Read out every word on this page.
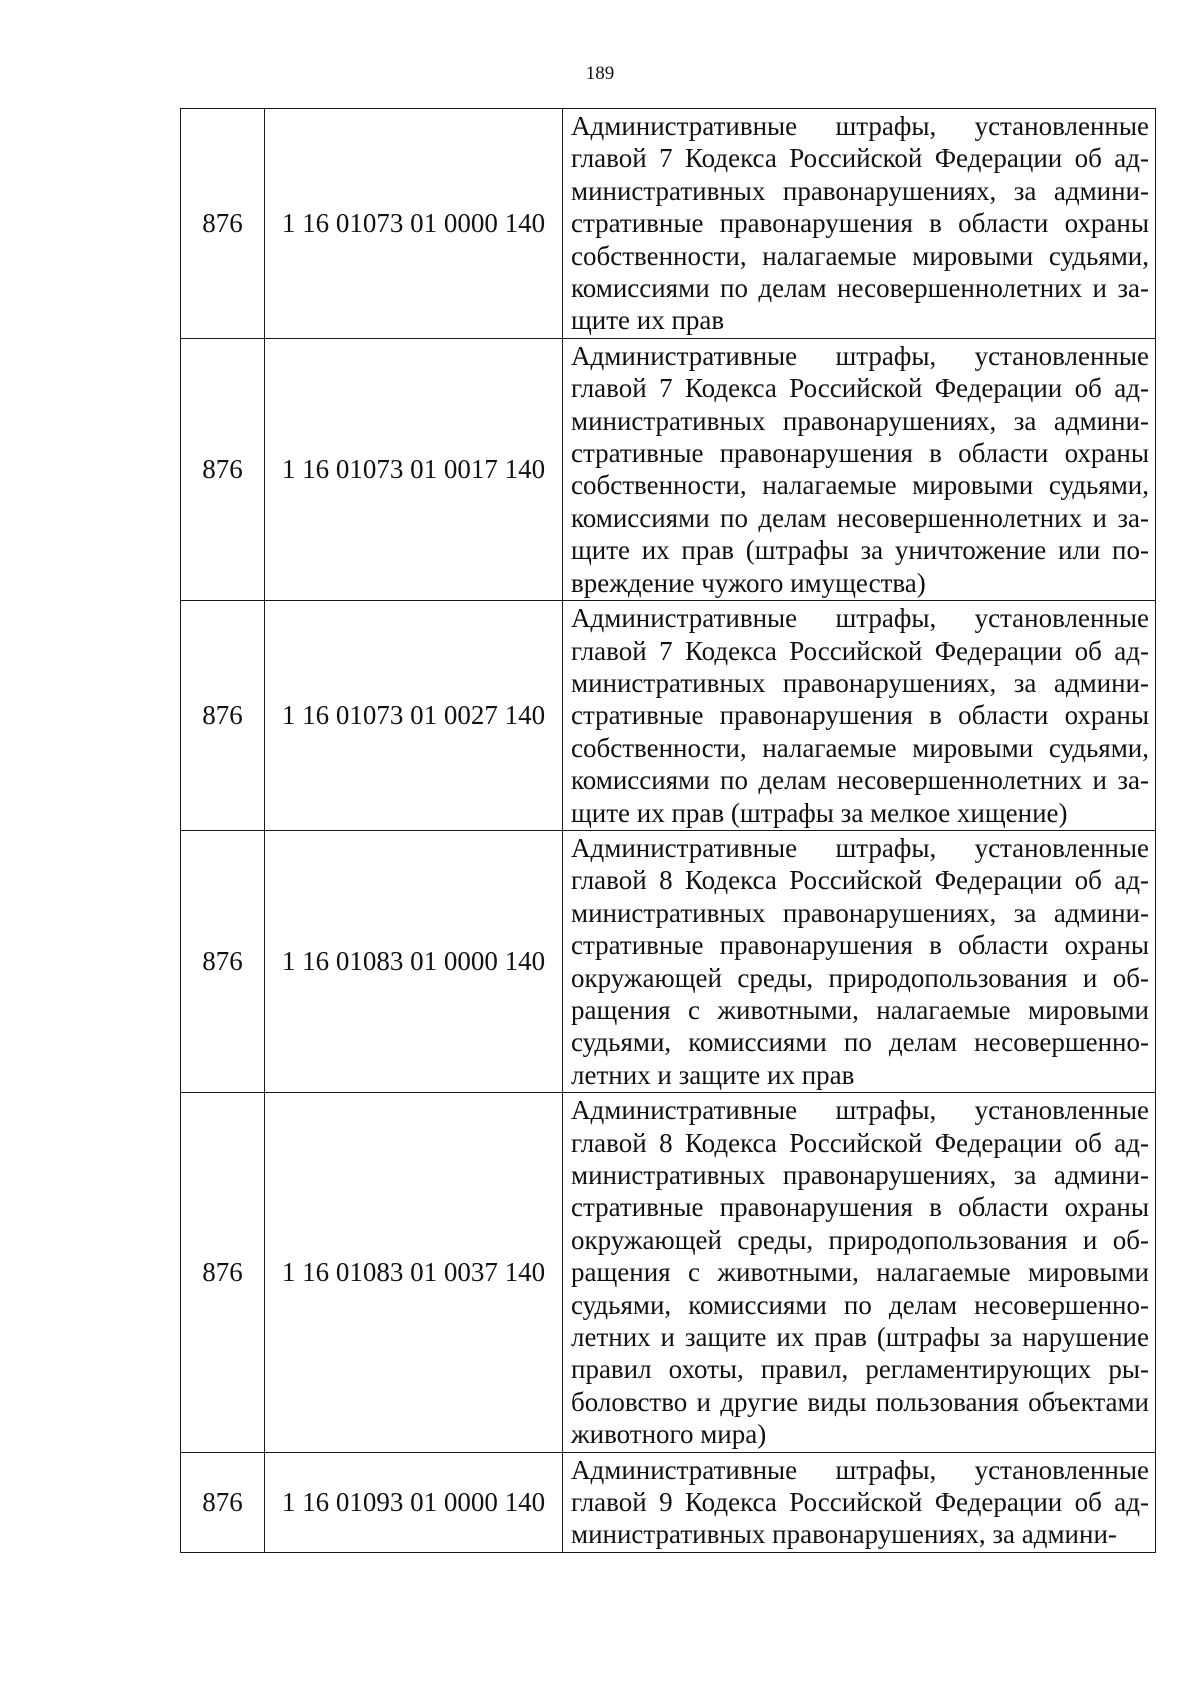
189
876	1 16 01073 01 0000 140	Административные штрафы, установленные главой 7 Кодекса Российской Федерации об административных правонарушениях, за административные правонарушения в области охраны собственности, налагаемые мировыми судьями, комиссиями по делам несовершеннолетних и защите их прав
876	1 16 01073 01 0017 140	Административные штрафы, установленные главой 7 Кодекса Российской Федерации об административных правонарушениях, за административные правонарушения в области охраны собственности, налагаемые мировыми судьями, комиссиями по делам несовершеннолетних и защите их прав (штрафы за уничтожение или повреждение чужого имущества)
876	1 16 01073 01 0027 140	Административные штрафы, установленные главой 7 Кодекса Российской Федерации об административных правонарушениях, за административные правонарушения в области охраны собственности, налагаемые мировыми судьями, комиссиями по делам несовершеннолетних и защите их прав (штрафы за мелкое хищение)
876	1 16 01083 01 0000 140	Административные штрафы, установленные главой 8 Кодекса Российской Федерации об административных правонарушениях, за административные правонарушения в области охраны окружающей среды, природопользования и обращения с животными, налагаемые мировыми судьями, комиссиями по делам несовершеннолетних и защите их прав
876	1 16 01083 01 0037 140	Административные штрафы, установленные главой 8 Кодекса Российской Федерации об административных правонарушениях, за административные правонарушения в области охраны окружающей среды, природопользования и обращения с животными, налагаемые мировыми судьями, комиссиями по делам несовершеннолетних и защите их прав (штрафы за нарушение правил охоты, правил, регламентирующих рыболовство и другие виды пользования объектами животного мира)
876	1 16 01093 01 0000 140	Административные штрафы, установленные главой 9 Кодекса Российской Федерации об административных правонарушениях, за админи-
